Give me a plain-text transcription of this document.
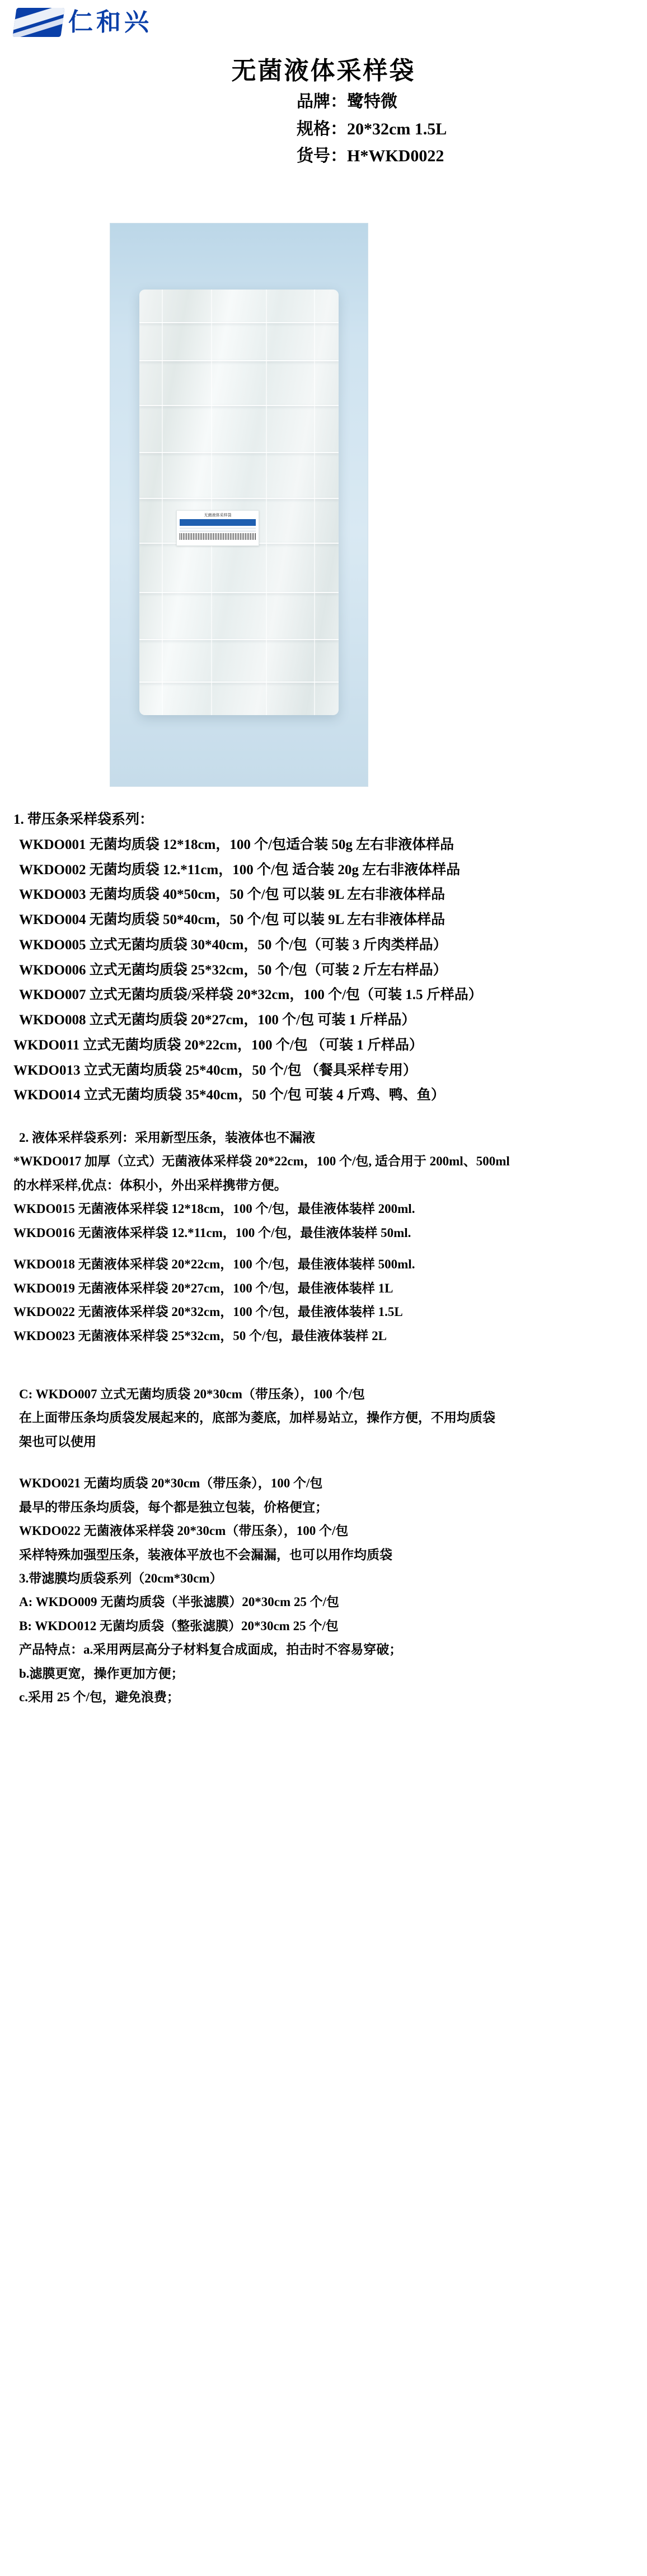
仁和兴
无菌液体采样袋
品牌：鹭特微
规格：20*32cm 1.5L
货号：H*WKD0022
无菌液体采样袋
1. 带压条采样袋系列：
WKDO001 无菌均质袋 12*18cm，100 个/包适合装 50g 左右非液体样品
WKDO002 无菌均质袋 12.*11cm，100 个/包 适合装 20g 左右非液体样品
WKDO003 无菌均质袋 40*50cm，50 个/包 可以装 9L 左右非液体样品
WKDO004 无菌均质袋 50*40cm，50 个/包 可以装 9L 左右非液体样品
WKDO005 立式无菌均质袋 30*40cm，50 个/包（可装 3 斤肉类样品）
WKDO006 立式无菌均质袋 25*32cm，50 个/包（可装 2 斤左右样品）
WKDO007 立式无菌均质袋/采样袋 20*32cm，100 个/包（可装 1.5 斤样品）
WKDO008 立式无菌均质袋 20*27cm，100 个/包 可装 1 斤样品）
WKDO011 立式无菌均质袋 20*22cm，100 个/包 （可装 1 斤样品）
WKDO013 立式无菌均质袋 25*40cm，50 个/包 （餐具采样专用）
WKDO014 立式无菌均质袋 35*40cm，50 个/包 可装 4 斤鸡、鸭、鱼）
2. 液体采样袋系列：采用新型压条，装液体也不漏液
*WKDO017 加厚（立式）无菌液体采样袋 20*22cm，100 个/包, 适合用于 200ml、500ml
的水样采样,优点：体积小，外出采样携带方便。
WKDO015 无菌液体采样袋 12*18cm，100 个/包，最佳液体装样 200ml.
WKDO016 无菌液体采样袋 12.*11cm，100 个/包，最佳液体装样 50ml.
WKDO018 无菌液体采样袋 20*22cm，100 个/包，最佳液体装样 500ml.
WKDO019 无菌液体采样袋 20*27cm，100 个/包，最佳液体装样 1L
WKDO022 无菌液体采样袋 20*32cm，100 个/包，最佳液体装样 1.5L
WKDO023 无菌液体采样袋 25*32cm，50 个/包，最佳液体装样 2L
C: WKDO007 立式无菌均质袋 20*30cm（带压条），100 个/包
在上面带压条均质袋发展起来的，底部为菱底，加样易站立，操作方便，不用均质袋
架也可以使用
WKDO021 无菌均质袋 20*30cm（带压条），100 个/包
最早的带压条均质袋，每个都是独立包装，价格便宜；
WKDO022 无菌液体采样袋 20*30cm（带压条），100 个/包
采样特殊加强型压条，装液体平放也不会漏漏，也可以用作均质袋
3.带滤膜均质袋系列（20cm*30cm）
A: WKDO009 无菌均质袋（半张滤膜）20*30cm 25 个/包
B: WKDO012 无菌均质袋（整张滤膜）20*30cm 25 个/包
产品特点：a.采用两层高分子材料复合成面成，拍击时不容易穿破；
b.滤膜更宽，操作更加方便；
c.采用 25 个/包，避免浪费；
